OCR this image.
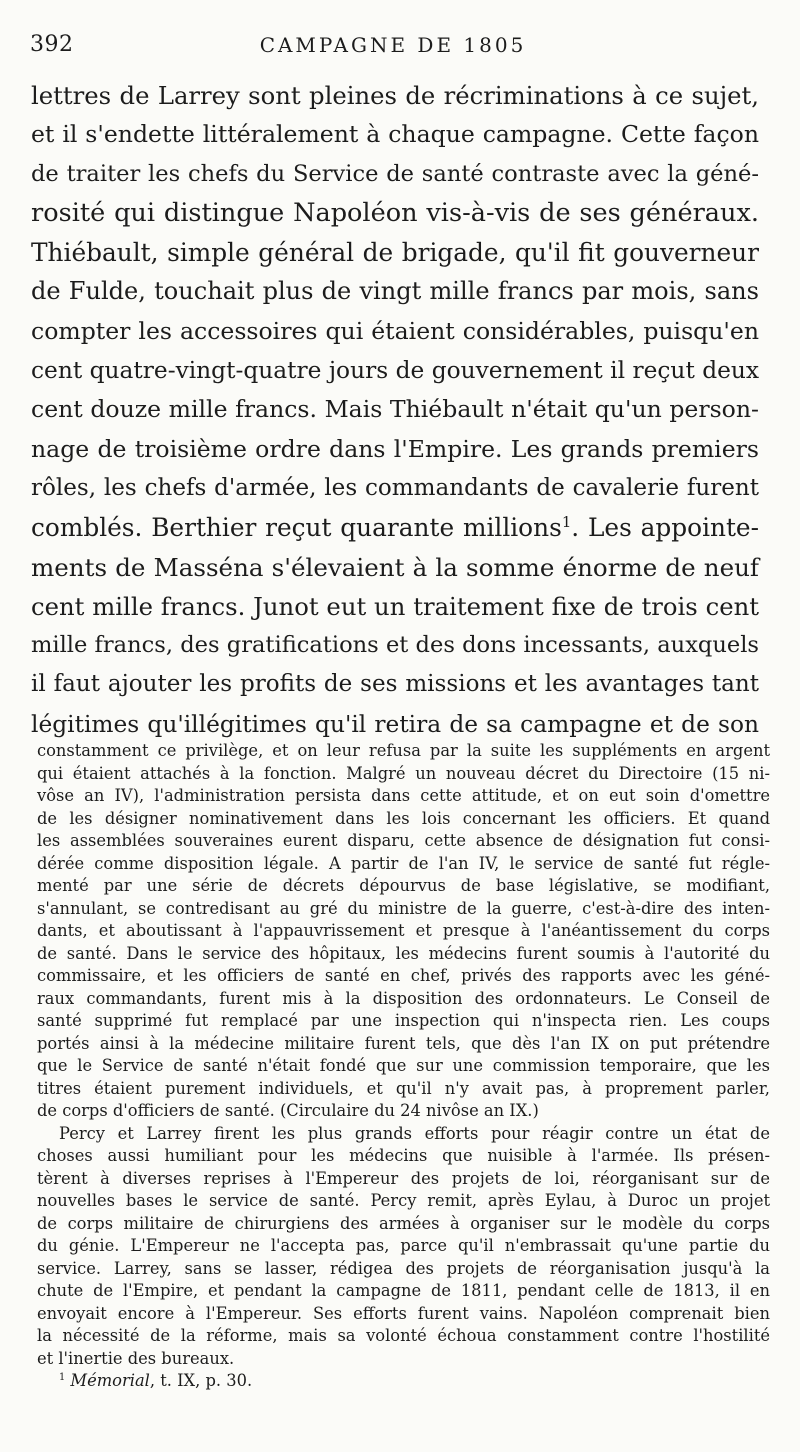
392	CAMPAGNE DE 1805
lettres de Larrey sont pleines de récriminations à ce sujet,
et il s'endette littéralement à chaque campagne. Cette façon
de traiter les chefs du Service de santé contraste avec la géné-
rosité qui distingue Napoléon vis-à-vis de ses généraux.
Thiébault, simple général de brigade, qu'il fit gouverneur
de Fulde, touchait plus de vingt mille francs par mois, sans
compter les accessoires qui étaient considérables, puisqu'en
cent quatre-vingt-quatre jours de gouvernement il reçut deux
cent douze mille francs. Mais Thiébault n'était qu'un person-
nage de troisième ordre dans l'Empire. Les grands premiers
rôles, les chefs d'armée, les commandants de cavalerie furent
comblés. Berthier reçut quarante millions$^1$. Les appointe-
ments de Masséna s'élevaient à la somme énorme de neuf
cent mille francs. Junot eut un traitement fixe de trois cent
mille francs, des gratifications et des dons incessants, auxquels
il faut ajouter les profits de ses missions et les avantages tant
légitimes qu'illégitimes qu'il retira de sa campagne et de son
constamment ce privilège, et on leur refusa par la suite les suppléments en argent
qui étaient attachés à la fonction. Malgré un nouveau décret du Directoire (15 ni-
vôse an IV), l'administration persista dans cette attitude, et on eut soin d'omettre
de les désigner nominativement dans les lois concernant les officiers. Et quand
les assemblées souveraines eurent disparu, cette absence de désignation fut consi-
dérée comme disposition légale. A partir de l'an IV, le service de santé fut régle-
menté par une série de décrets dépourvus de base législative, se modifiant,
s'annulant, se contredisant au gré du ministre de la guerre, c'est-à-dire des inten-
dants, et aboutissant à l'appauvrissement et presque à l'anéantissement du corps
de santé. Dans le service des hôpitaux, les médecins furent soumis à l'autorité du
commissaire, et les officiers de santé en chef, privés des rapports avec les géné-
raux commandants, furent mis à la disposition des ordonnateurs. Le Conseil de
santé supprimé fut remplacé par une inspection qui n'inspecta rien. Les coups
portés ainsi à la médecine militaire furent tels, que dès l'an IX on put prétendre
que le Service de santé n'était fondé que sur une commission temporaire, que les
titres étaient purement individuels, et qu'il n'y avait pas, à proprement parler,
de corps d'officiers de santé. (Circulaire du 24 nivôse an IX.)
Percy et Larrey firent les plus grands efforts pour réagir contre un état de
choses aussi humiliant pour les médecins que nuisible à l'armée. Ils présen-
tèrent à diverses reprises à l'Empereur des projets de loi, réorganisant sur de
nouvelles bases le service de santé. Percy remit, après Eylau, à Duroc un projet
de corps militaire de chirurgiens des armées à organiser sur le modèle du corps
du génie. L'Empereur ne l'accepta pas, parce qu'il n'embrassait qu'une partie du
service. Larrey, sans se lasser, rédigea des projets de réorganisation jusqu'à la
chute de l'Empire, et pendant la campagne de 1811, pendant celle de 1813, il en
envoyait encore à l'Empereur. Ses efforts furent vains. Napoléon comprenait bien
la nécessité de la réforme, mais sa volonté échoua constamment contre l'hostilité
et l'inertie des bureaux.
$^1$ Mémorial, t. IX, p. 30.
